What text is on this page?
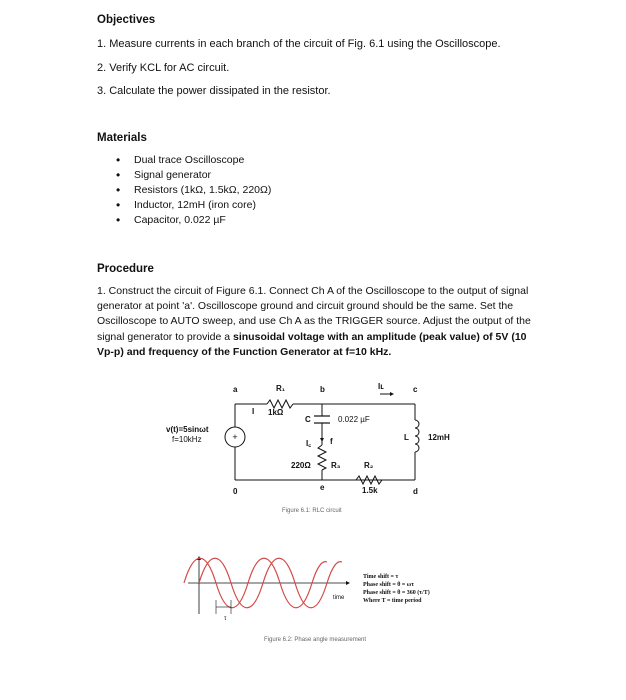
Objectives

1. Measure currents in each branch of the circuit of Fig. 6.1 using the Oscilloscope.

2. Verify KCL for AC circuit.

3. Calculate the power dissipated in the resistor.

Materials

• Dual trace Oscilloscope
• Signal generator
• Resistors (1kΩ, 1.5kΩ, 220Ω)
• Inductor, 12mH (iron core)
• Capacitor, 0.022 µF

Procedure

1. Construct the circuit of Figure 6.1. Connect Ch A of the Oscilloscope to the output of signal generator at point 'a'. Oscilloscope ground and circuit ground should be the same. Set the Oscilloscope to AUTO sweep, and use Ch A as the TRIGGER source. Adjust the output of the signal generator to provide a sinusoidal voltage with an amplitude (peak value) of 5V (10 Vp-p) and frequency of the Function Generator at f=10 kHz.

+
a	b	c
0	d
e
f
R₁
1kΩ
I
C	0.022 µF
I꜀
Iʟ
L 12mH
v(t)=5sinωt
f=10kHz
220Ω	R₃	R₂
1.5k
Figure 6.1: RLC circuit
time
τ
Time shift = τ
Phase shift = θ = ωτ
Phase shift = θ = 360 (τ/T)
Where T = time period
Figure 6.2: Phase angle measurement
